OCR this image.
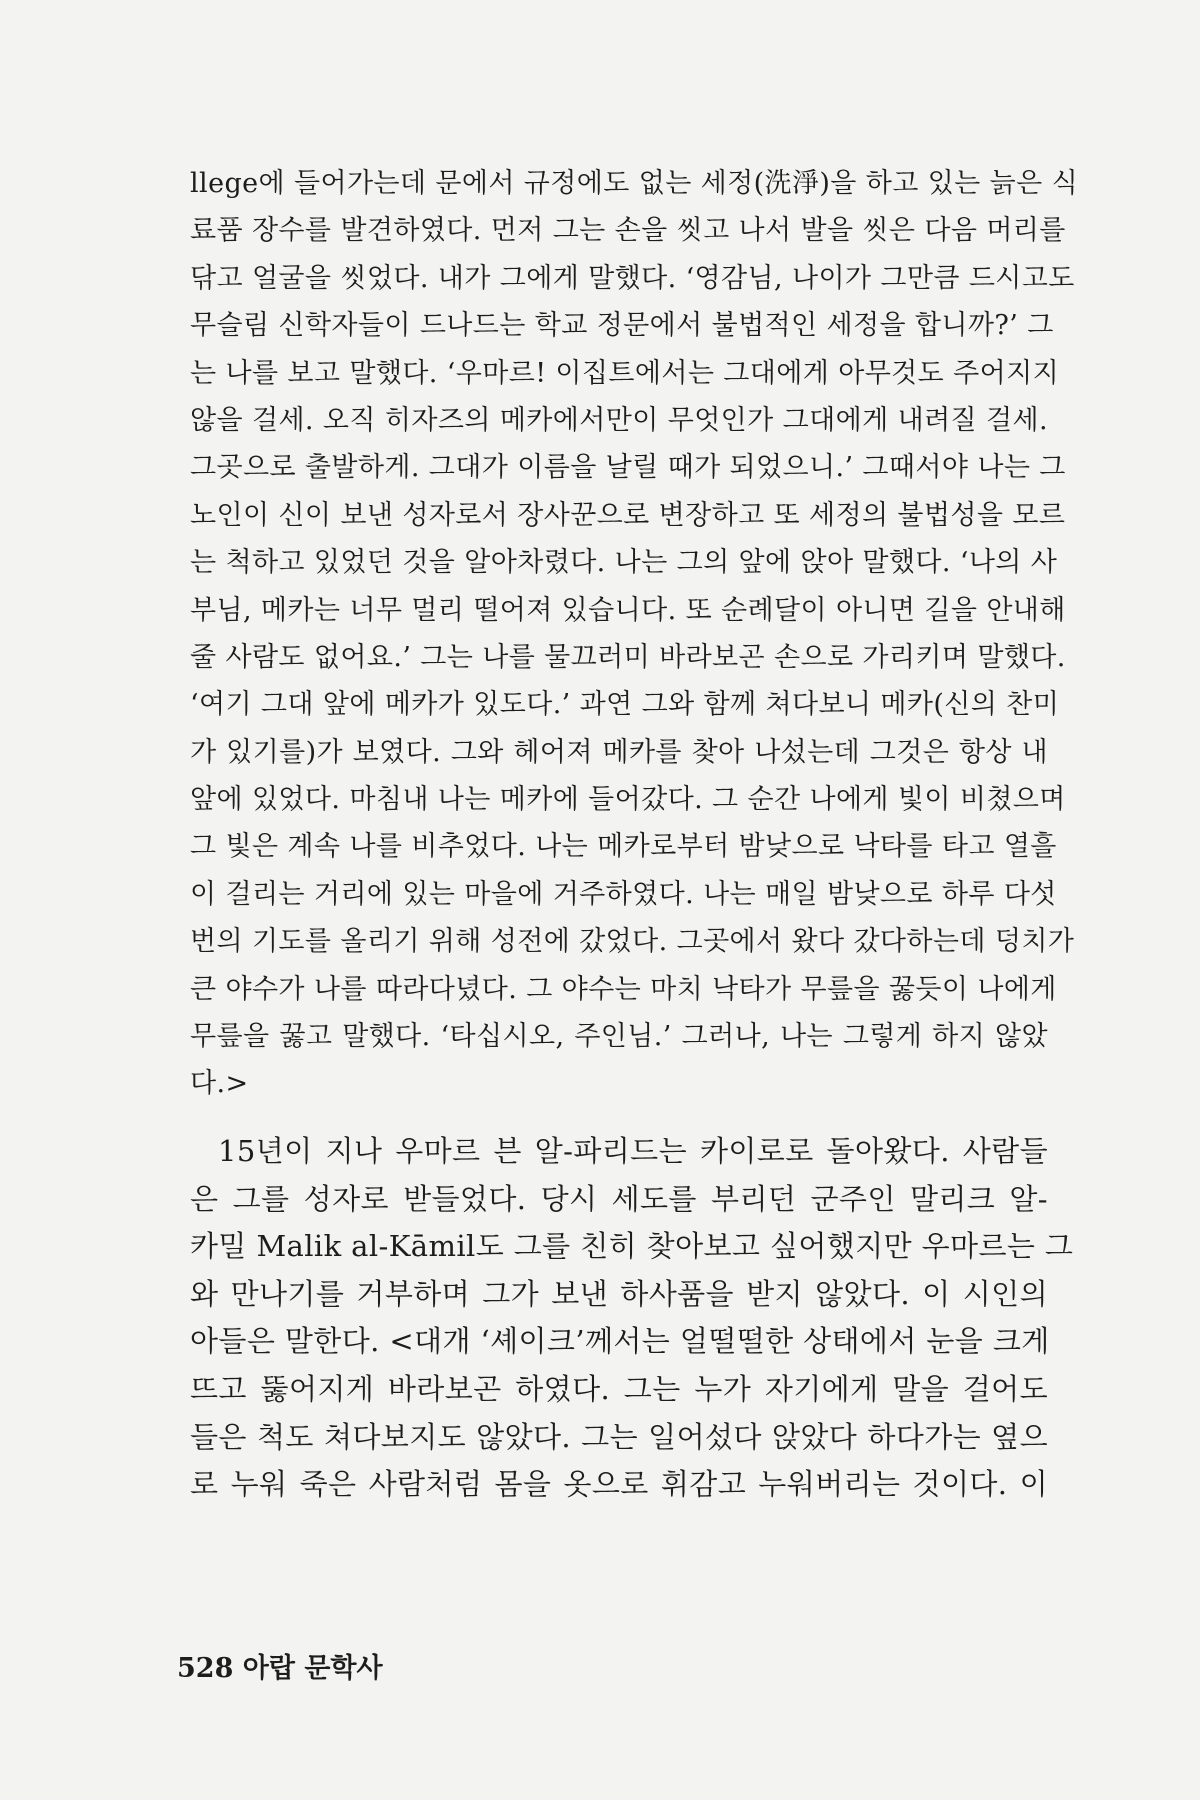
llege에 들어가는데 문에서 규정에도 없는 세정(洗淨)을 하고 있는 늙은 식
료품 장수를 발견하였다. 먼저 그는 손을 씻고 나서 발을 씻은 다음 머리를
닦고 얼굴을 씻었다. 내가 그에게 말했다. ‘영감님, 나이가 그만큼 드시고도
무슬림 신학자들이 드나드는 학교 정문에서 불법적인 세정을 합니까?’ 그
는 나를 보고 말했다. ‘우마르! 이집트에서는 그대에게 아무것도 주어지지
않을 걸세. 오직 히자즈의 메카에서만이 무엇인가 그대에게 내려질 걸세.
그곳으로 출발하게. 그대가 이름을 날릴 때가 되었으니.’ 그때서야 나는 그
노인이 신이 보낸 성자로서 장사꾼으로 변장하고 또 세정의 불법성을 모르
는 척하고 있었던 것을 알아차렸다. 나는 그의 앞에 앉아 말했다. ‘나의 사
부님, 메카는 너무 멀리 떨어져 있습니다. 또 순례달이 아니면 길을 안내해
줄 사람도 없어요.’ 그는 나를 물끄러미 바라보곤 손으로 가리키며 말했다.
‘여기 그대 앞에 메카가 있도다.’ 과연 그와 함께 쳐다보니 메카(신의 찬미
가 있기를)가 보였다. 그와 헤어져 메카를 찾아 나섰는데 그것은 항상 내
앞에 있었다. 마침내 나는 메카에 들어갔다. 그 순간 나에게 빛이 비쳤으며
그 빛은 계속 나를 비추었다. 나는 메카로부터 밤낮으로 낙타를 타고 열흘
이 걸리는 거리에 있는 마을에 거주하였다. 나는 매일 밤낮으로 하루 다섯
번의 기도를 올리기 위해 성전에 갔었다. 그곳에서 왔다 갔다하는데 덩치가
큰 야수가 나를 따라다녔다. 그 야수는 마치 낙타가 무릎을 꿇듯이 나에게
무릎을 꿇고 말했다. ‘타십시오, 주인님.’ 그러나, 나는 그렇게 하지 않았
다.>
15년이 지나 우마르 븐 알-파리드는 카이로로 돌아왔다. 사람들
은 그를 성자로 받들었다. 당시 세도를 부리던 군주인 말리크 알-
카밀 Malik al-Kāmil도 그를 친히 찾아보고 싶어했지만 우마르는 그
와 만나기를 거부하며 그가 보낸 하사품을 받지 않았다. 이 시인의
아들은 말한다. <대개 ‘셰이크’께서는 얼떨떨한 상태에서 눈을 크게
뜨고 뚫어지게 바라보곤 하였다. 그는 누가 자기에게 말을 걸어도
들은 척도 쳐다보지도 않았다. 그는 일어섰다 앉았다 하다가는 옆으
로 누워 죽은 사람처럼 몸을 옷으로 휘감고 누워버리는 것이다. 이
528 아랍 문학사
